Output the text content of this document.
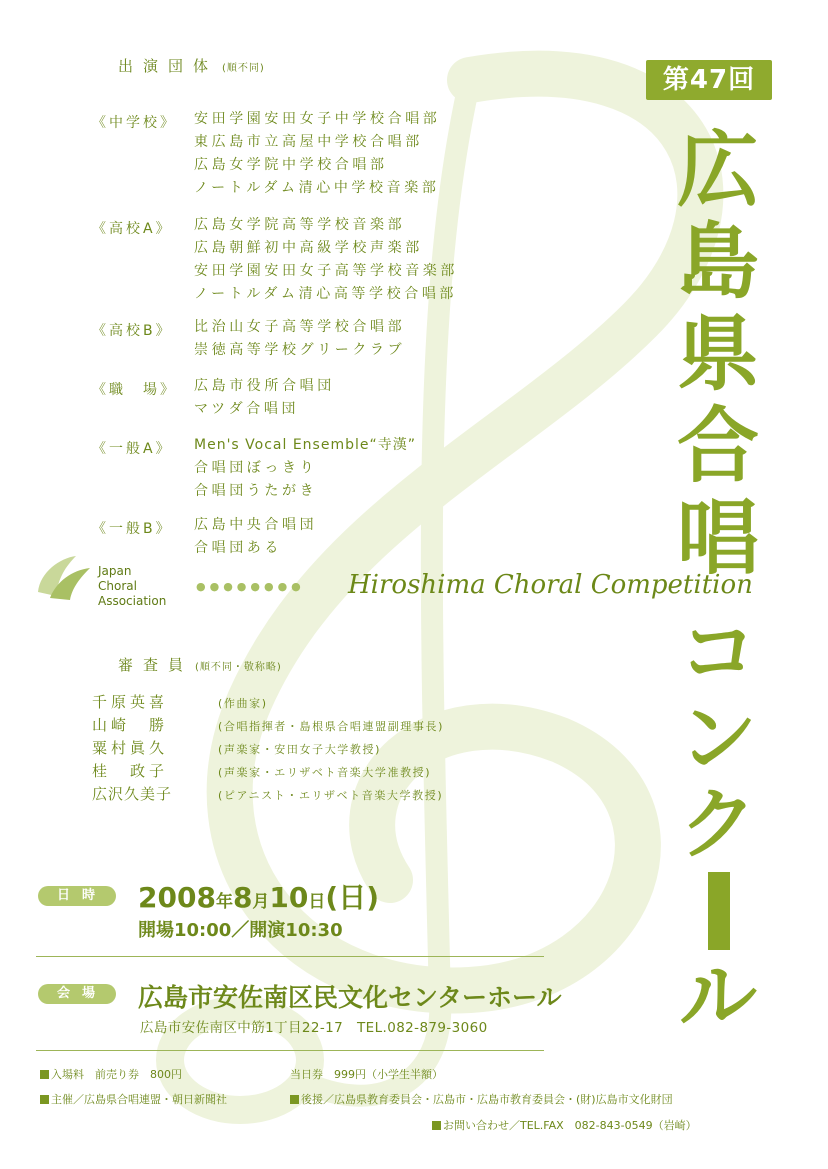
出演団体 (順不同)
《中学校》 安田学園安田女子中学校合唱部
東広島市立高屋中学校合唱部
広島女学院中学校合唱部
ノートルダム清心中学校音楽部
《高校A》 広島女学院高等学校音楽部
広島朝鮮初中高級学校声楽部
安田学園安田女子高等学校音楽部
ノートルダム清心高等学校合唱部
《高校B》 比治山女子高等学校合唱部
崇徳高等学校グリークラブ
《職　場》 広島市役所合唱団
マツダ合唱団
《一般A》 Men's Vocal Ensemble“寺漢”
合唱団ぼっきり
合唱団うたがき
《一般B》 広島中央合唱団
合唱団ある
第47回
広
島
県
合
唱
コ
ン
ク
ル
Japan
Choral
Association
●●●●●●●● Hiroshima Choral Competition
審査員 (順不同・敬称略)
千原英喜	(作曲家)
山崎　勝	(合唱指揮者・島根県合唱連盟副理事長)
粟村眞久	(声楽家・安田女子大学教授)
桂　政子	(声楽家・エリザベト音楽大学准教授)
広沢久美子	(ピアニスト・エリザベト音楽大学教授)
日時	2008年8月10日(日)
開場10:00／開演10:30
会場	広島市安佐南区民文化センターホール
広島市安佐南区中筋1丁目22-17　TEL.082-879-3060
入場料　前売り券　800円	当日券　999円（小学生半額）
主催／広島県合唱連盟・朝日新聞社	後援／広島県教育委員会・広島市・広島市教育委員会・(財)広島市文化財団
お問い合わせ／TEL.FAX　082-843-0549（岩崎）
